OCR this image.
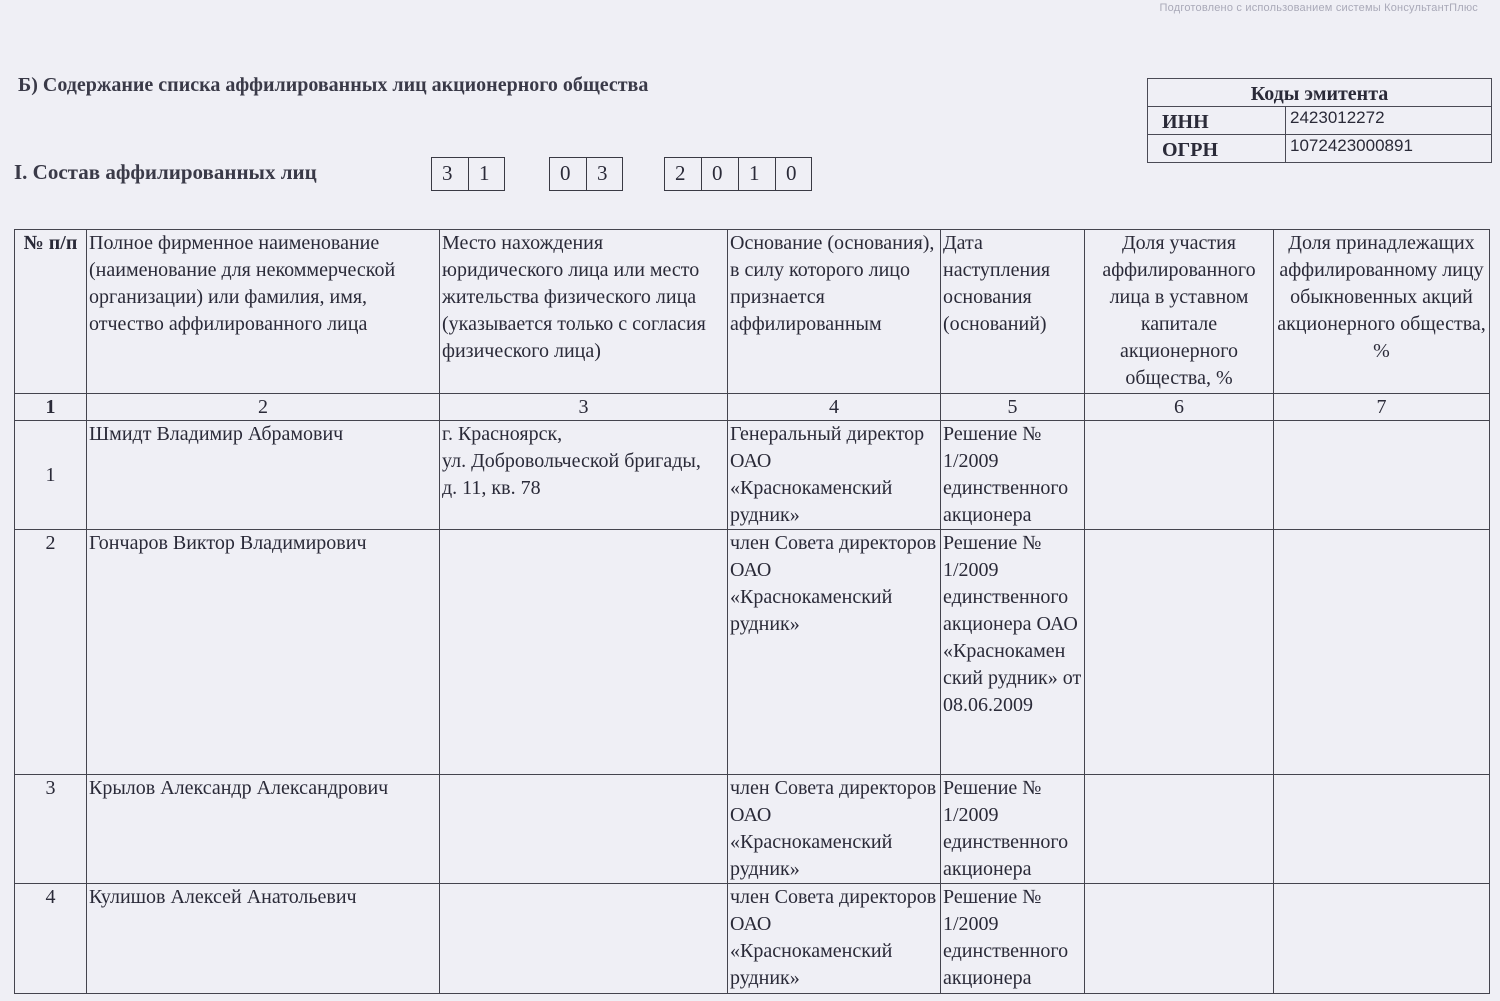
Подготовлено с использованием системы КонсультантПлюс
Б) Содержание списка аффилированных лиц акционерного общества	Коды эмитента
ИНН	2423012272
ОГРН	1072423000891
I. Состав аффилированных лиц	3	1	0	3	2	0	1	0
№ п/п	Полное фирменное наименование (наименование для некоммерческой организации) или фамилия, имя, отчество аффилированного лица	Место нахождения юридического лица или место жительства физического лица (указывается только с согласия физического лица)	Основание (основания), в силу которого лицо признается аффилированным	Дата наступления основания (оснований)	Доля участия аффилированного лица в уставном капитале акционерного общества, %	Доля принадлежащих аффилированному лицу обыкновенных акций акционерного общества, %
1	2	3	4	5	6	7
1	Шмидт Владимир Абрамович	г. Красноярск,
ул. Добровольческой бригады,
д. 11, кв. 78	Генеральный директор ОАО «Краснокаменский рудник»	Решение № 1/2009 единственного акционера		
2	Гончаров Виктор Владимирович		член Совета директоров ОАО «Краснокаменский рудник»	Решение № 1/2009 единственного акционера ОАО «Краснокамен ский рудник» от 08.06.2009		
3	Крылов Александр Александрович		член Совета директоров ОАО «Краснокаменский рудник»	Решение № 1/2009 единственного акционера		
4	Кулишов Алексей Анатольевич		член Совета директоров ОАО «Краснокаменский рудник»	Решение № 1/2009 единственного акционера		
